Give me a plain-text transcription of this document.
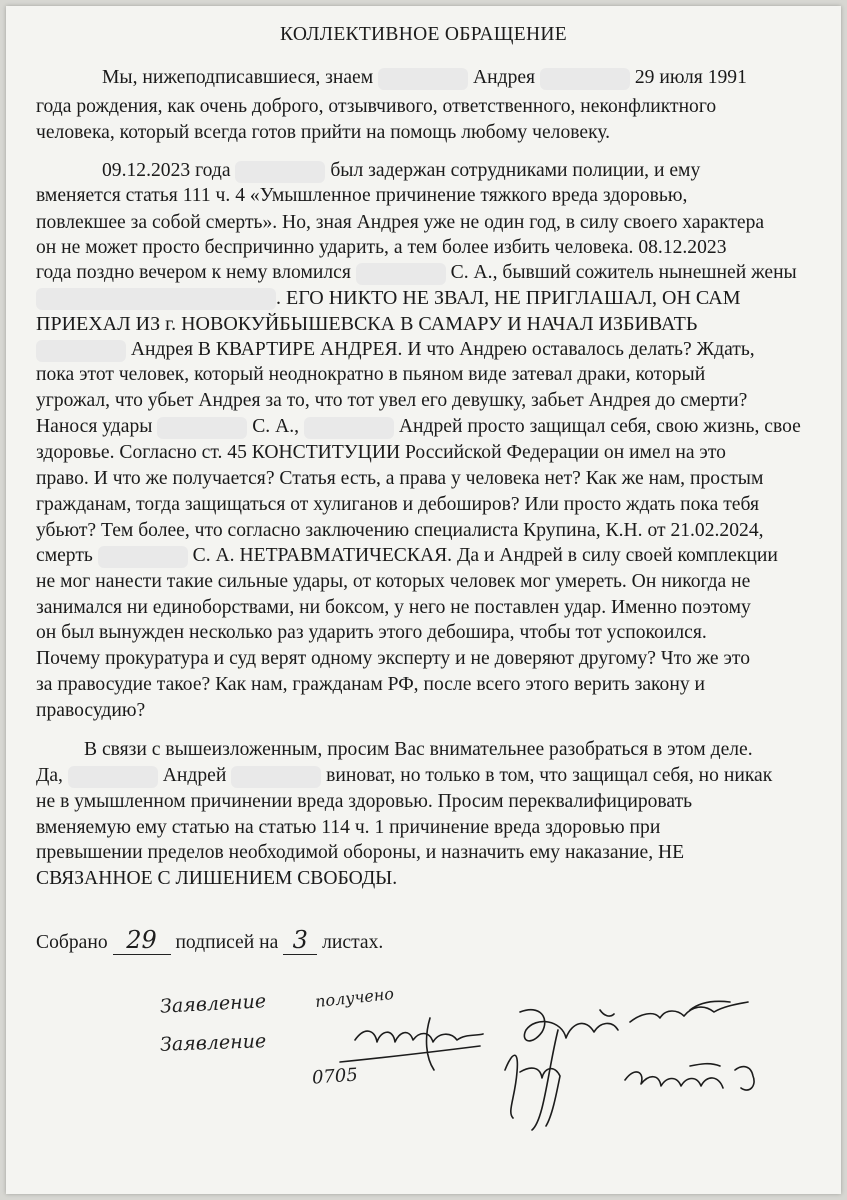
КОЛЛЕКТИВНОЕ ОБРАЩЕНИЕ
Мы, нижеподписавшиеся, знаем	Андрея	29 июля 1991
года рождения, как очень доброго, отзывчивого, ответственного, неконфликтного
человека, который всегда готов прийти на помощь любому человеку.
09.12.2023 года	был задержан сотрудниками полиции, и ему
вменяется статья 111 ч. 4 «Умышленное причинение тяжкого вреда здоровью,
повлекшее за собой смерть». Но, зная Андрея уже не один год, в силу своего характера
он не может просто беспричинно ударить, а тем более избить человека. 08.12.2023
года поздно вечером к нему вломился	С. А., бывший сожитель нынешней жены
. ЕГО НИКТО НЕ ЗВАЛ, НЕ ПРИГЛАШАЛ, ОН САМ
ПРИЕХАЛ ИЗ г. НОВОКУЙБЫШЕВСКА В САМАРУ И НАЧАЛ ИЗБИВАТЬ
Андрея В КВАРТИРЕ АНДРЕЯ. И что Андрею оставалось делать? Ждать,
пока этот человек, который неоднократно в пьяном виде затевал драки, который
угрожал, что убьет Андрея за то, что тот увел его девушку, забьет Андрея до смерти?
Нанося удары	С. А.,	Андрей просто защищал себя, свою жизнь, свое
здоровье. Согласно ст. 45 КОНСТИТУЦИИ Российской Федерации он имел на это
право. И что же получается? Статья есть, а права у человека нет? Как же нам, простым
гражданам, тогда защищаться от хулиганов и дебоширов? Или просто ждать пока тебя
убьют? Тем более, что согласно заключению специалиста Крупина, К.Н. от 21.02.2024,
смерть	С. А. НЕТРАВМАТИЧЕСКАЯ. Да и Андрей в силу своей комплекции
не мог нанести такие сильные удары, от которых человек мог умереть. Он никогда не
занимался ни единоборствами, ни боксом, у него не поставлен удар. Именно поэтому
он был вынужден несколько раз ударить этого дебошира, чтобы тот успокоился.
Почему прокуратура и суд верят одному эксперту и не доверяют другому? Что же это
за правосудие такое? Как нам, гражданам РФ, после всего этого верить закону и
правосудию?
В связи с вышеизложенным, просим Вас внимательнее разобраться в этом деле.
Да,	Андрей	виноват, но только в том, что защищал себя, но никак
не в умышленном причинении вреда здоровью. Просим переквалифицировать
вменяемую ему статью на статью 114 ч. 1 причинение вреда здоровью при
превышении пределов необходимой обороны, и назначить ему наказание, НЕ
СВЯЗАННОЕ С ЛИШЕНИЕМ СВОБОДЫ.
Собрано 29 подписей на 3 листах.
Заявление	получено
Заявление
0705
